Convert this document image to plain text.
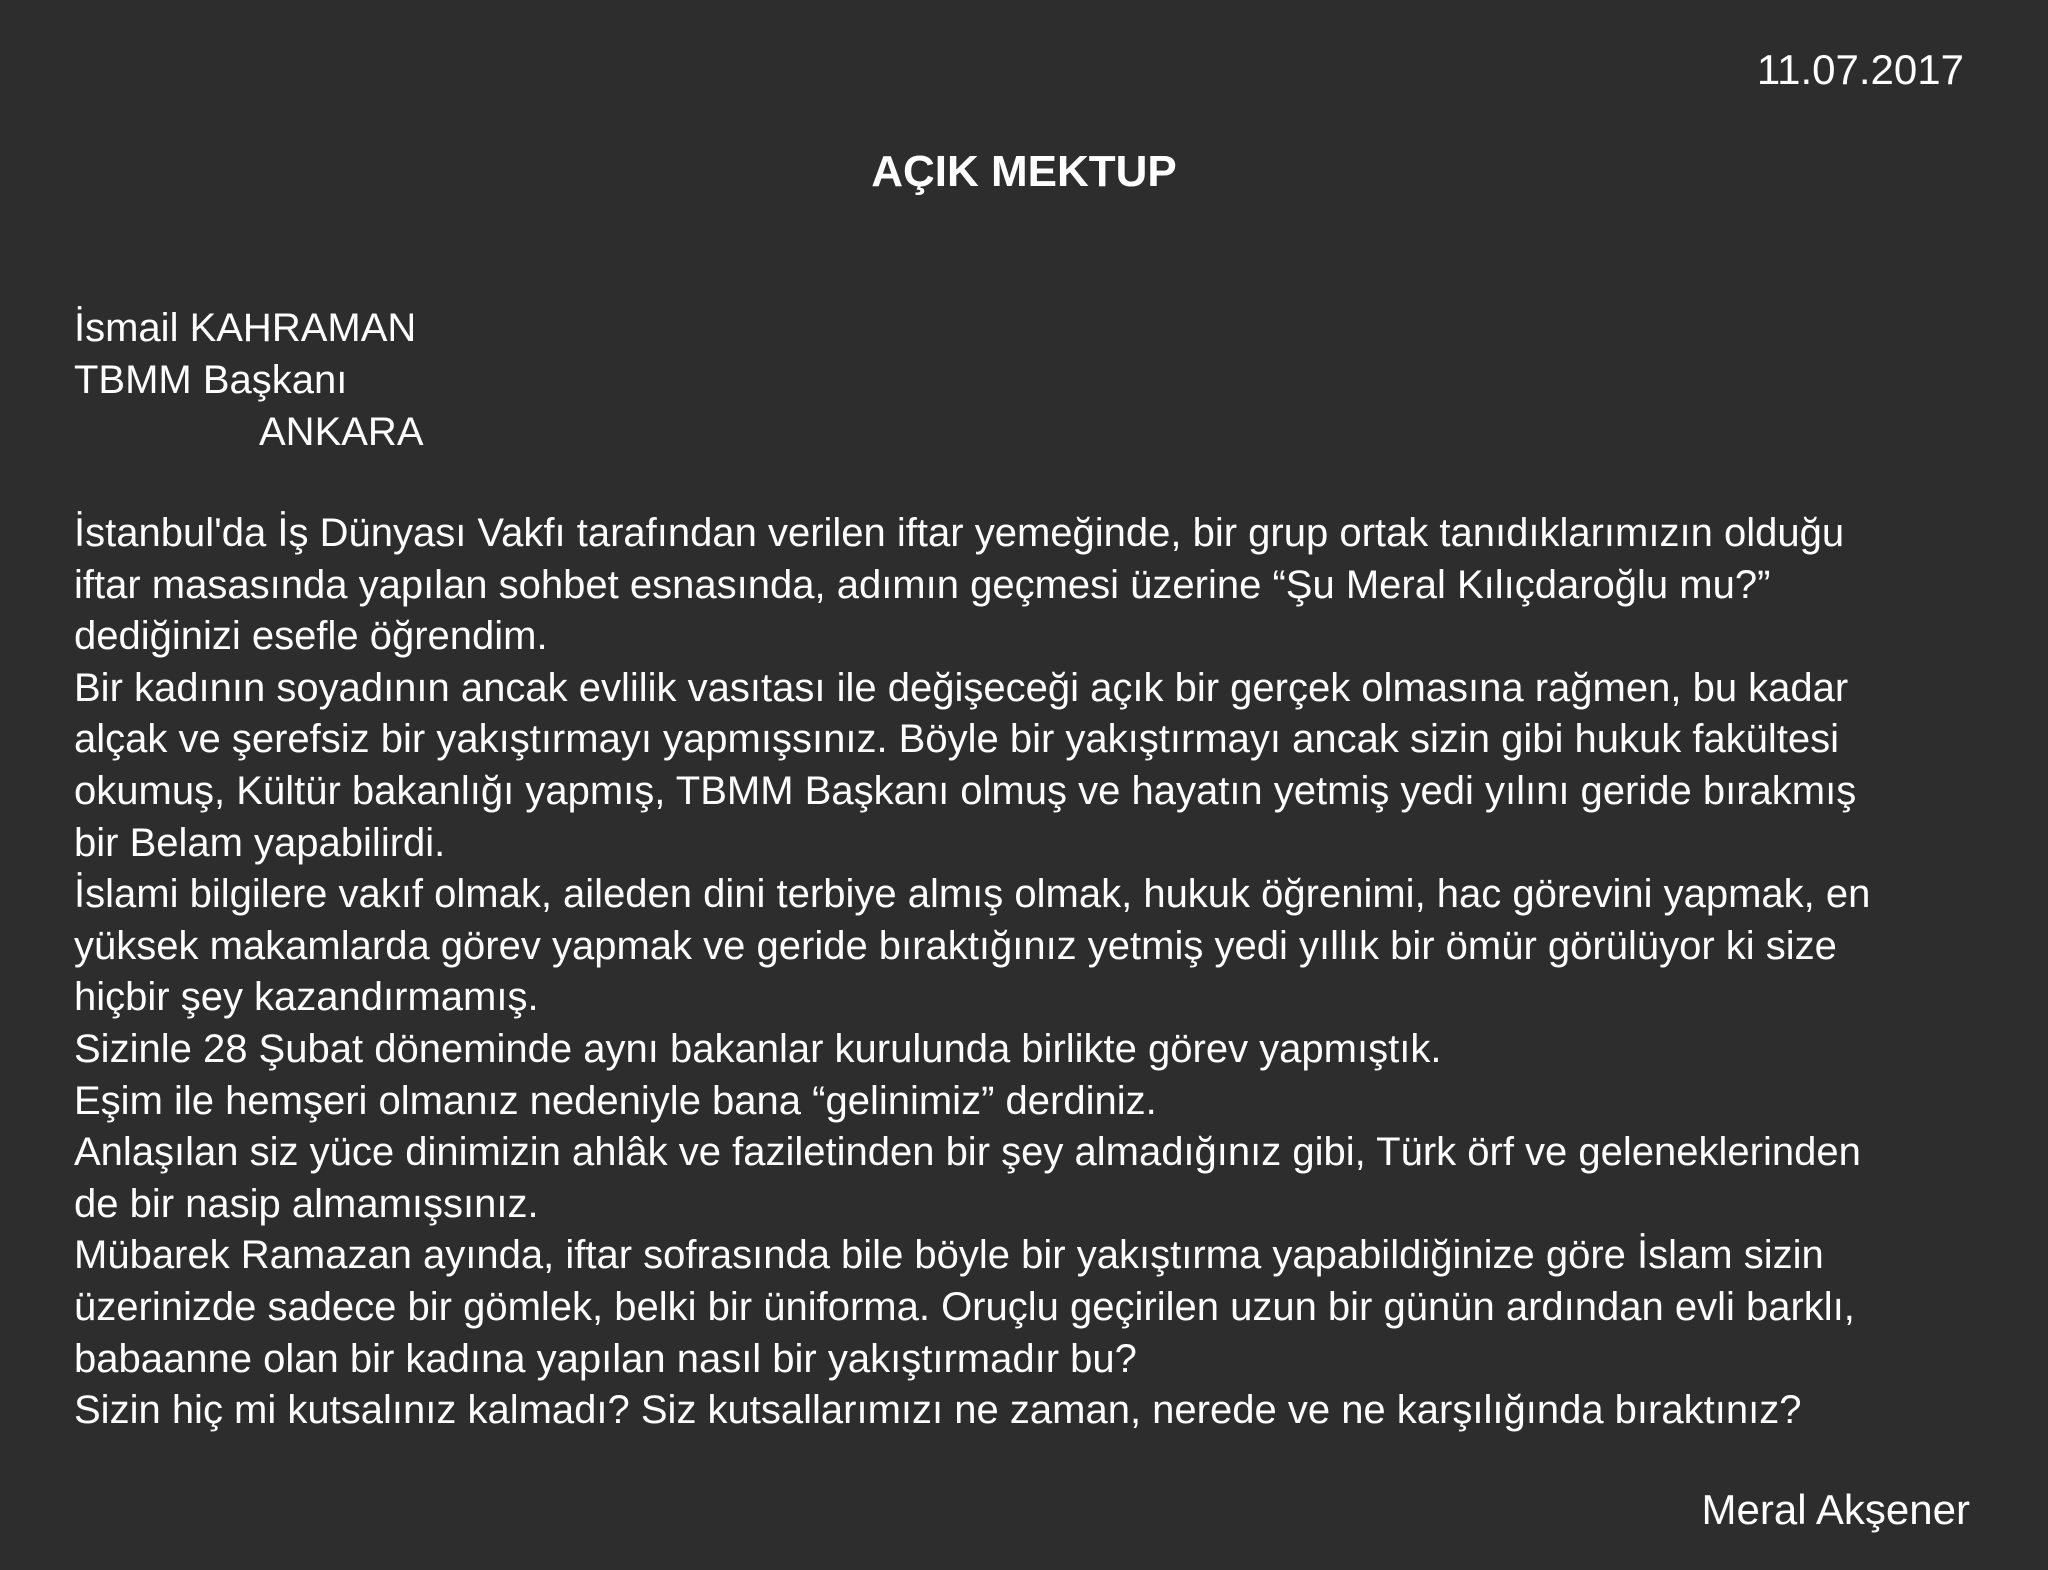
11.07.2017

AÇIK MEKTUP

İsmail KAHRAMAN

TBMM Başkanı

ANKARA

İstanbul'da İş Dünyası Vakfı tarafından verilen iftar yemeğinde, bir grup ortak tanıdıklarımızın olduğu
iftar masasında yapılan sohbet esnasında, adımın geçmesi üzerine “Şu Meral Kılıçdaroğlu mu?”
dediğinizi esefle öğrendim.
Bir kadının soyadının ancak evlilik vasıtası ile değişeceği açık bir gerçek olmasına rağmen, bu kadar
alçak ve şerefsiz bir yakıştırmayı yapmışsınız. Böyle bir yakıştırmayı ancak sizin gibi hukuk fakültesi
okumuş, Kültür bakanlığı yapmış, TBMM Başkanı olmuş ve hayatın yetmiş yedi yılını geride bırakmış
bir Belam yapabilirdi.
İslami bilgilere vakıf olmak, aileden dini terbiye almış olmak, hukuk öğrenimi, hac görevini yapmak, en
yüksek makamlarda görev yapmak ve geride bıraktığınız yetmiş yedi yıllık bir ömür görülüyor ki size
hiçbir şey kazandırmamış.
Sizinle 28 Şubat döneminde aynı bakanlar kurulunda birlikte görev yapmıştık.
Eşim ile hemşeri olmanız nedeniyle bana “gelinimiz” derdiniz.
Anlaşılan siz yüce dinimizin ahlâk ve faziletinden bir şey almadığınız gibi, Türk örf ve geleneklerinden
de bir nasip almamışsınız.
Mübarek Ramazan ayında, iftar sofrasında bile böyle bir yakıştırma yapabildiğinize göre İslam sizin
üzerinizde sadece bir gömlek, belki bir üniforma. Oruçlu geçirilen uzun bir günün ardından evli barklı,
babaanne olan bir kadına yapılan nasıl bir yakıştırmadır bu?
Sizin hiç mi kutsalınız kalmadı? Siz kutsallarımızı ne zaman, nerede ve ne karşılığında bıraktınız?

Meral Akşener
